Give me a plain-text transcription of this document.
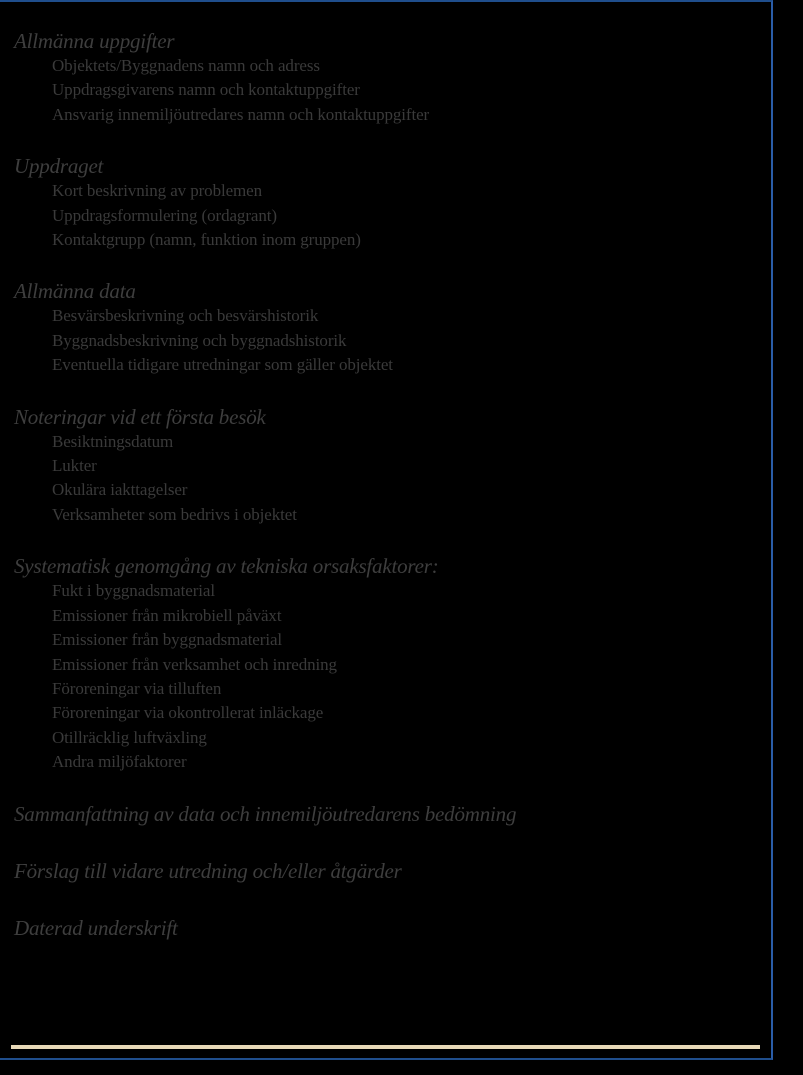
Allmänna uppgifter
Objektets/Byggnadens namn och adress
Uppdragsgivarens namn och kontaktuppgifter
Ansvarig innemiljöutredares namn och kontaktuppgifter
Uppdraget
Kort beskrivning av problemen
Uppdragsformulering (ordagrant)
Kontaktgrupp (namn, funktion inom gruppen)
Allmänna data
Besvärsbeskrivning och besvärshistorik
Byggnadsbeskrivning och byggnadshistorik
Eventuella tidigare utredningar som gäller objektet
Noteringar vid ett första besök
Besiktningsdatum
Lukter
Okulära iakttagelser
Verksamheter som bedrivs i objektet
Systematisk genomgång av tekniska orsaksfaktorer:
Fukt i byggnadsmaterial
Emissioner från mikrobiell påväxt
Emissioner från byggnadsmaterial
Emissioner från verksamhet och inredning
Föroreningar via tilluften
Föroreningar via okontrollerat inläckage
Otillräcklig luftväxling
Andra miljöfaktorer
Sammanfattning av data och innemiljöutredarens bedömning
Förslag till vidare utredning och/eller åtgärder
Daterad underskrift
